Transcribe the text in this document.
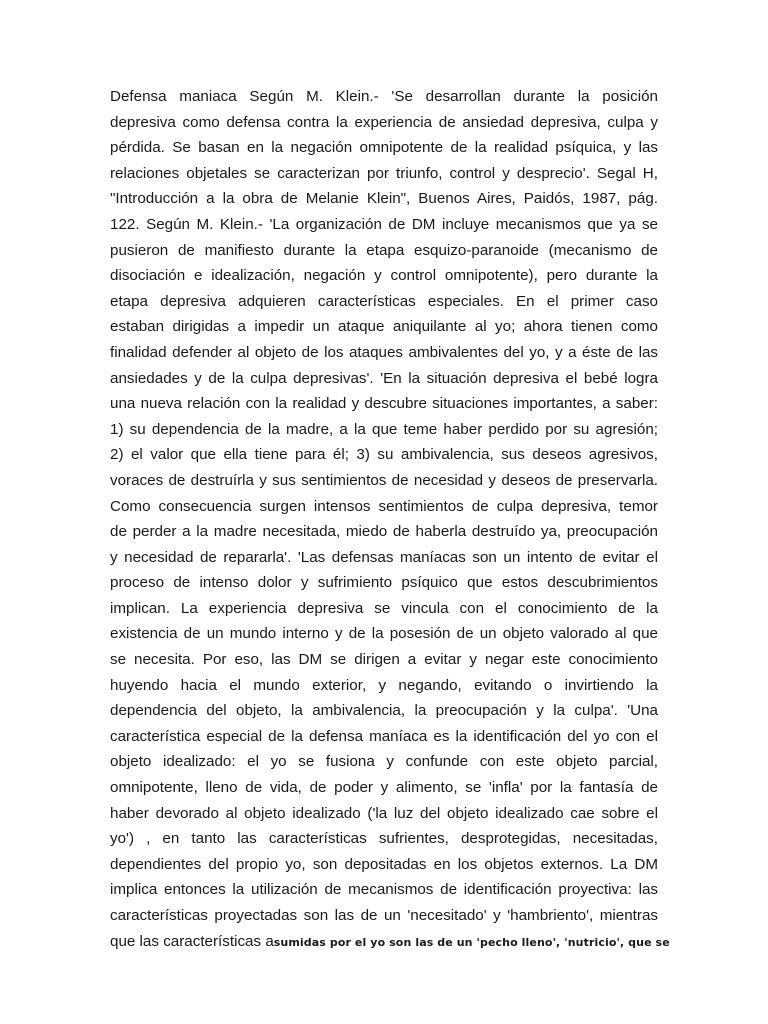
Defensa maniaca Según M. Klein.- 'Se desarrollan durante la posición
depresiva como defensa contra la experiencia de ansiedad depresiva, culpa y
pérdida. Se basan en la negación omnipotente de la realidad psíquica, y las
relaciones objetales se caracterizan por triunfo, control y desprecio'. Segal H,
"Introducción a la obra de Melanie Klein", Buenos Aires, Paidós, 1987, pág.
122. Según M. Klein.- 'La organización de DM incluye mecanismos que ya se
pusieron de manifiesto durante la etapa esquizo-paranoide (mecanismo de
disociación e idealización, negación y control omnipotente), pero durante la
etapa depresiva adquieren características especiales. En el primer caso
estaban dirigidas a impedir un ataque aniquilante al yo; ahora tienen como
finalidad defender al objeto de los ataques ambivalentes del yo, y a éste de las
ansiedades y de la culpa depresivas'. 'En la situación depresiva el bebé logra
una nueva relación con la realidad y descubre situaciones importantes, a saber:
1) su dependencia de la madre, a la que teme haber perdido por su agresión;
2) el valor que ella tiene para él; 3) su ambivalencia, sus deseos agresivos,
voraces de destruírla y sus sentimientos de necesidad y deseos de preservarla.
Como consecuencia surgen intensos sentimientos de culpa depresiva, temor
de perder a la madre necesitada, miedo de haberla destruído ya, preocupación
y necesidad de repararla'. 'Las defensas maníacas son un intento de evitar el
proceso de intenso dolor y sufrimiento psíquico que estos descubrimientos
implican. La experiencia depresiva se vincula con el conocimiento de la
existencia de un mundo interno y de la posesión de un objeto valorado al que
se necesita. Por eso, las DM se dirigen a evitar y negar este conocimiento
huyendo hacia el mundo exterior, y negando, evitando o invirtiendo la
dependencia del objeto, la ambivalencia, la preocupación y la culpa'. 'Una
característica especial de la defensa maníaca es la identificación del yo con el
objeto idealizado: el yo se fusiona y confunde con este objeto parcial,
omnipotente, lleno de vida, de poder y alimento, se 'infla' por la fantasía de
haber devorado al objeto idealizado ('la luz del objeto idealizado cae sobre el
yo') , en tanto las características sufrientes, desprotegidas, necesitadas,
dependientes del propio yo, son depositadas en los objetos externos. La DM
implica entonces la utilización de mecanismos de identificación proyectiva: las
características proyectadas son las de un 'necesitado' y 'hambriento', mientras
que las características asumidas por el yo son las de un 'pecho lleno', 'nutricio', que se
